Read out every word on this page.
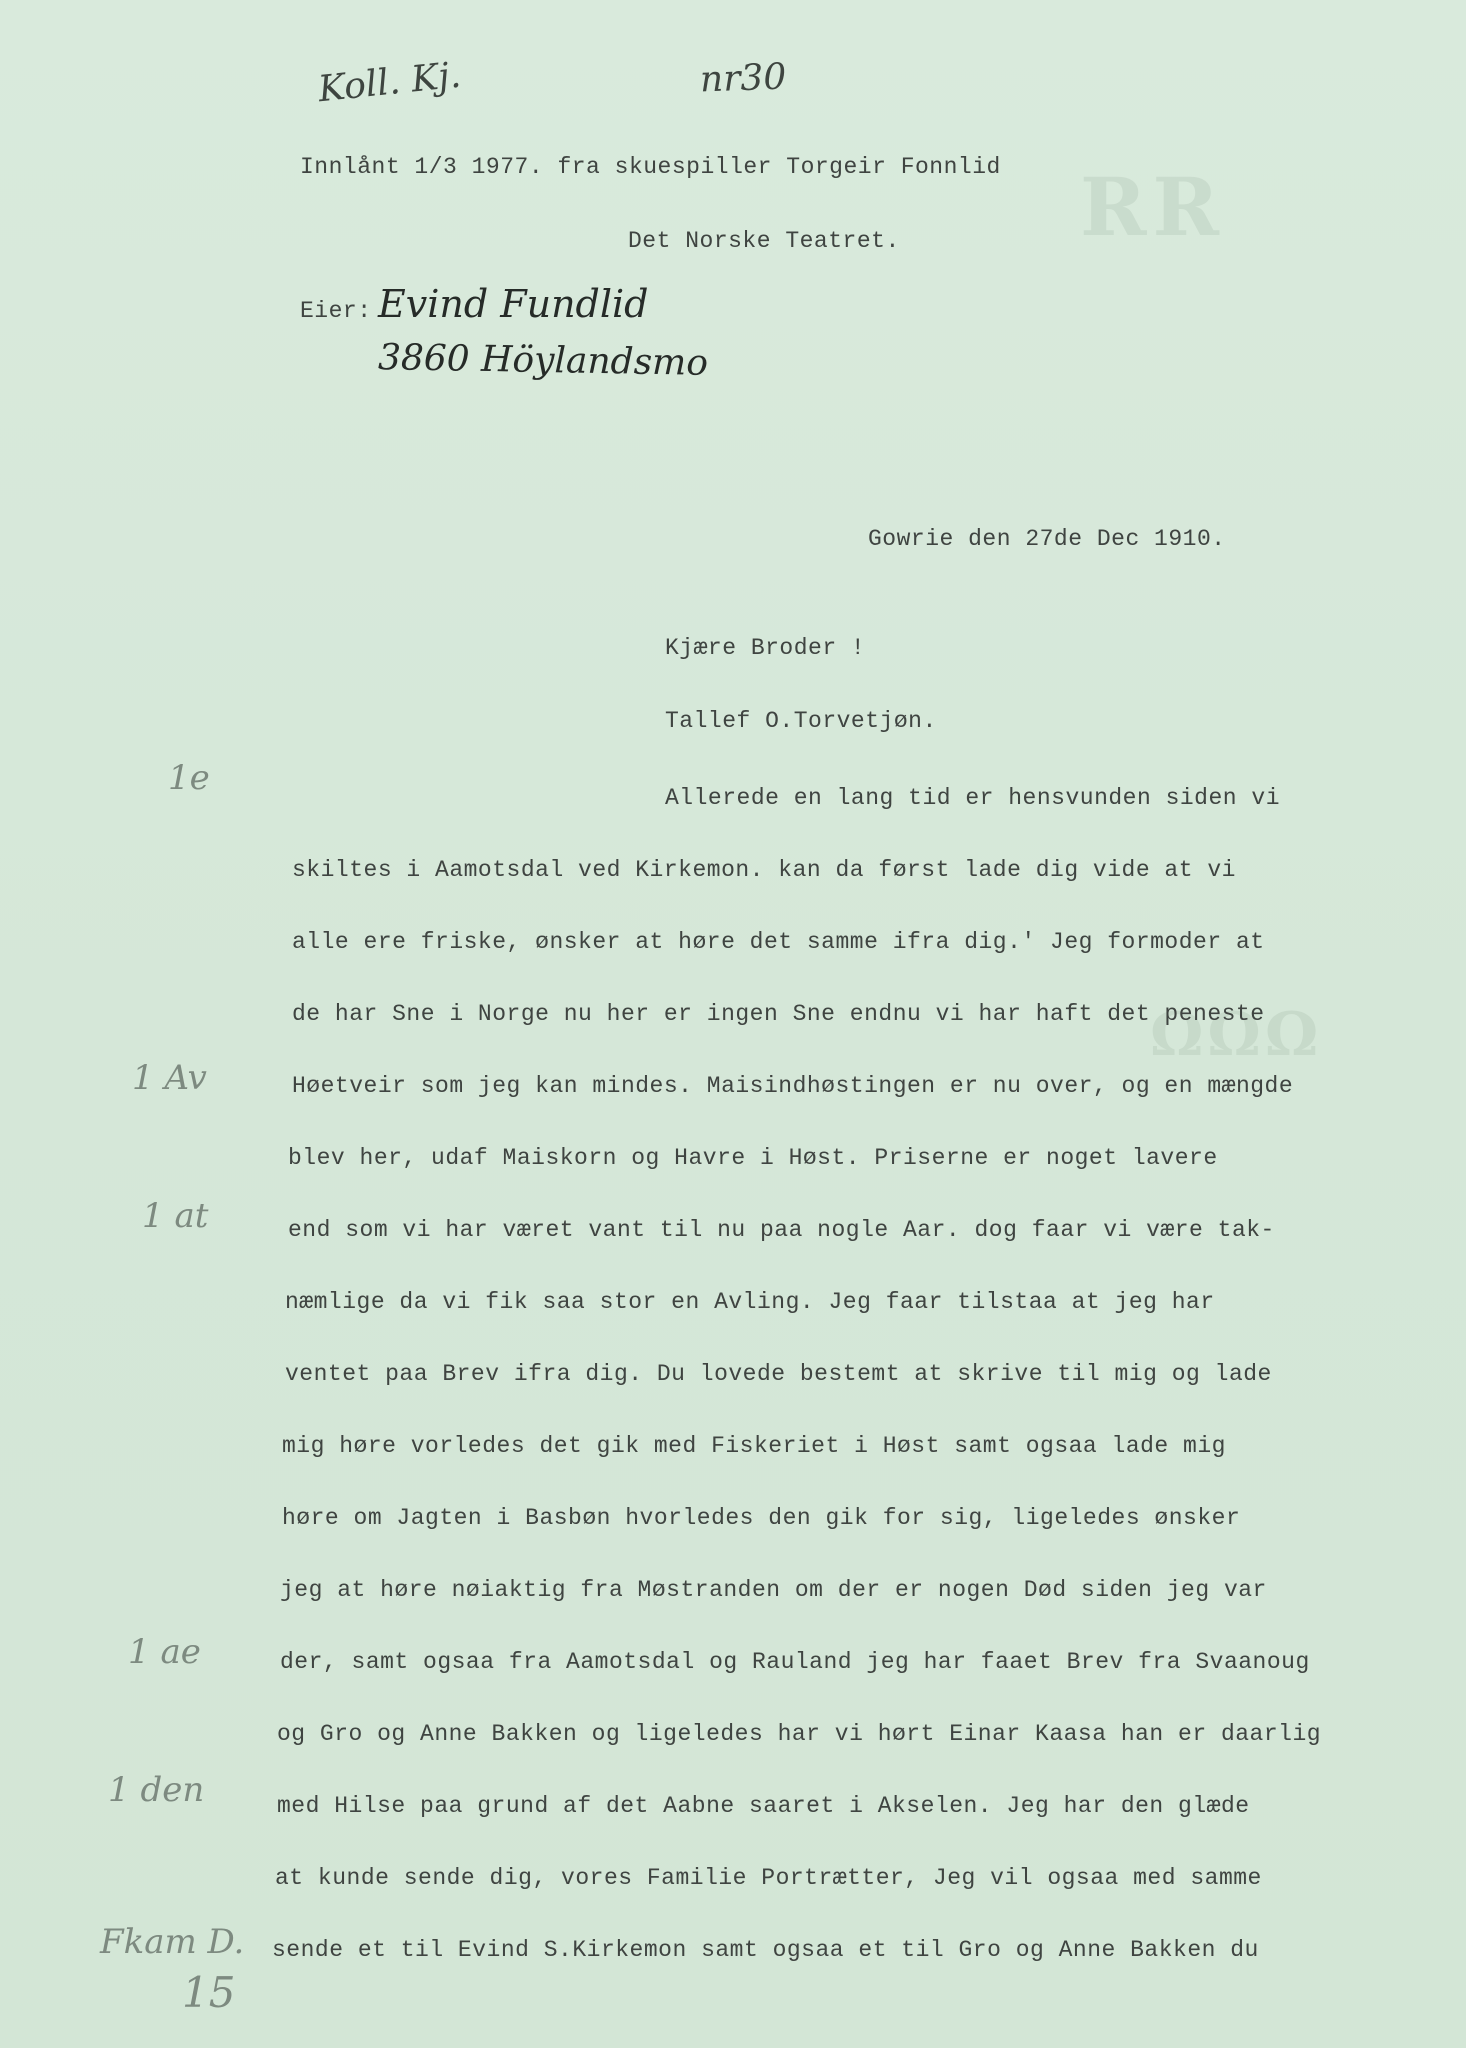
RR
ΩΩΩ
Koll. Kj.	nr30
Innlånt 1/3 1977. fra skuespiller Torgeir Fonnlid
Det Norske Teatret.
Eier: Evind Fundlid
3860 Höylandsmo
Gowrie den 27de Dec 1910.
Kjære Broder !
Tallef O.Torvetjøn.
Allerede en lang tid er hensvunden siden vi
skiltes i Aamotsdal ved Kirkemon. kan da først lade dig vide at vi
alle ere friske, ønsker at høre det samme ifra dig.' Jeg formoder at
de har Sne i Norge nu her er ingen Sne endnu vi har haft det peneste
Høetveir som jeg kan mindes. Maisindhøstingen er nu over, og en mængde
blev her, udaf Maiskorn og Havre i Høst. Priserne er noget lavere
end som vi har været vant til nu paa nogle Aar. dog faar vi være tak-
næmlige da vi fik saa stor en Avling. Jeg faar tilstaa at jeg har
ventet paa Brev ifra dig. Du lovede bestemt at skrive til mig og lade
mig høre vorledes det gik med Fiskeriet i Høst samt ogsaa lade mig
høre om Jagten i Basbøn hvorledes den gik for sig, ligeledes ønsker
jeg at høre nøiaktig fra Møstranden om der er nogen Død siden jeg var
der, samt ogsaa fra Aamotsdal og Rauland jeg har faaet Brev fra Svaanoug
og Gro og Anne Bakken og ligeledes har vi hørt Einar Kaasa han er daarlig
med Hilse paa grund af det Aabne saaret i Akselen. Jeg har den glæde
at kunde sende dig, vores Familie Portrætter, Jeg vil ogsaa med samme
sende et til Evind S.Kirkemon samt ogsaa et til Gro og Anne Bakken du
1e
1 Av
1 at
1 ae
1 den
Fkam D.
15
